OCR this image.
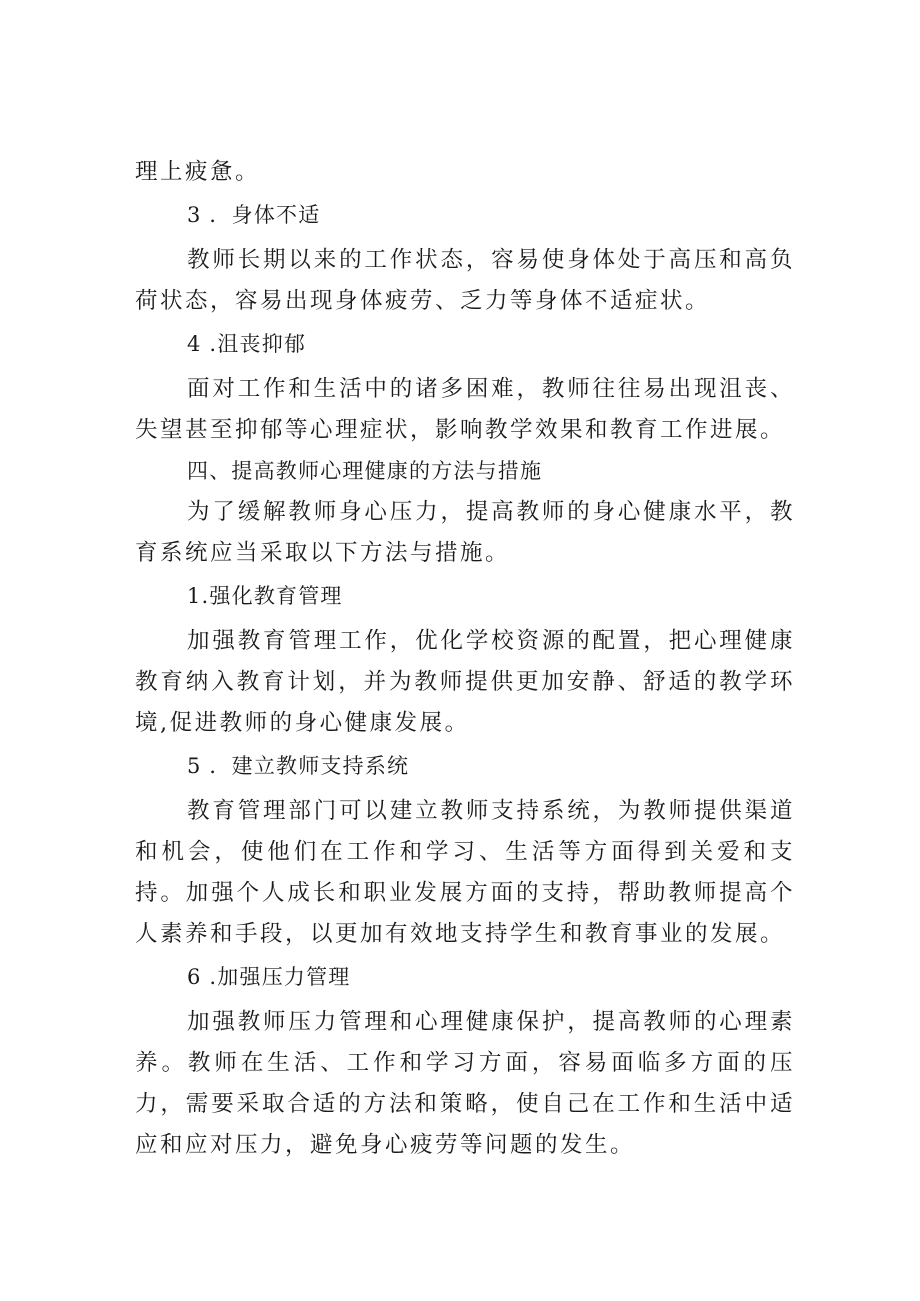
理上疲惫。

3 ．身体不适

教师长期以来的工作状态，容易使身体处于高压和高负荷状态，容易出现身体疲劳、乏力等身体不适症状。

4 .沮丧抑郁

面对工作和生活中的诸多困难，教师往往易出现沮丧、失望甚至抑郁等心理症状，影响教学效果和教育工作进展。

四、提高教师心理健康的方法与措施

为了缓解教师身心压力，提高教师的身心健康水平，教育系统应当采取以下方法与措施。

1.强化教育管理

加强教育管理工作，优化学校资源的配置，把心理健康教育纳入教育计划，并为教师提供更加安静、舒适的教学环境,促进教师的身心健康发展。

5 ．建立教师支持系统

教育管理部门可以建立教师支持系统，为教师提供渠道和机会，使他们在工作和学习、生活等方面得到关爱和支持。加强个人成长和职业发展方面的支持，帮助教师提高个人素养和手段，以更加有效地支持学生和教育事业的发展。

6 .加强压力管理

加强教师压力管理和心理健康保护，提高教师的心理素养。教师在生活、工作和学习方面，容易面临多方面的压力，需要采取合适的方法和策略，使自己在工作和生活中适应和应对压力，避免身心疲劳等问题的发生。
